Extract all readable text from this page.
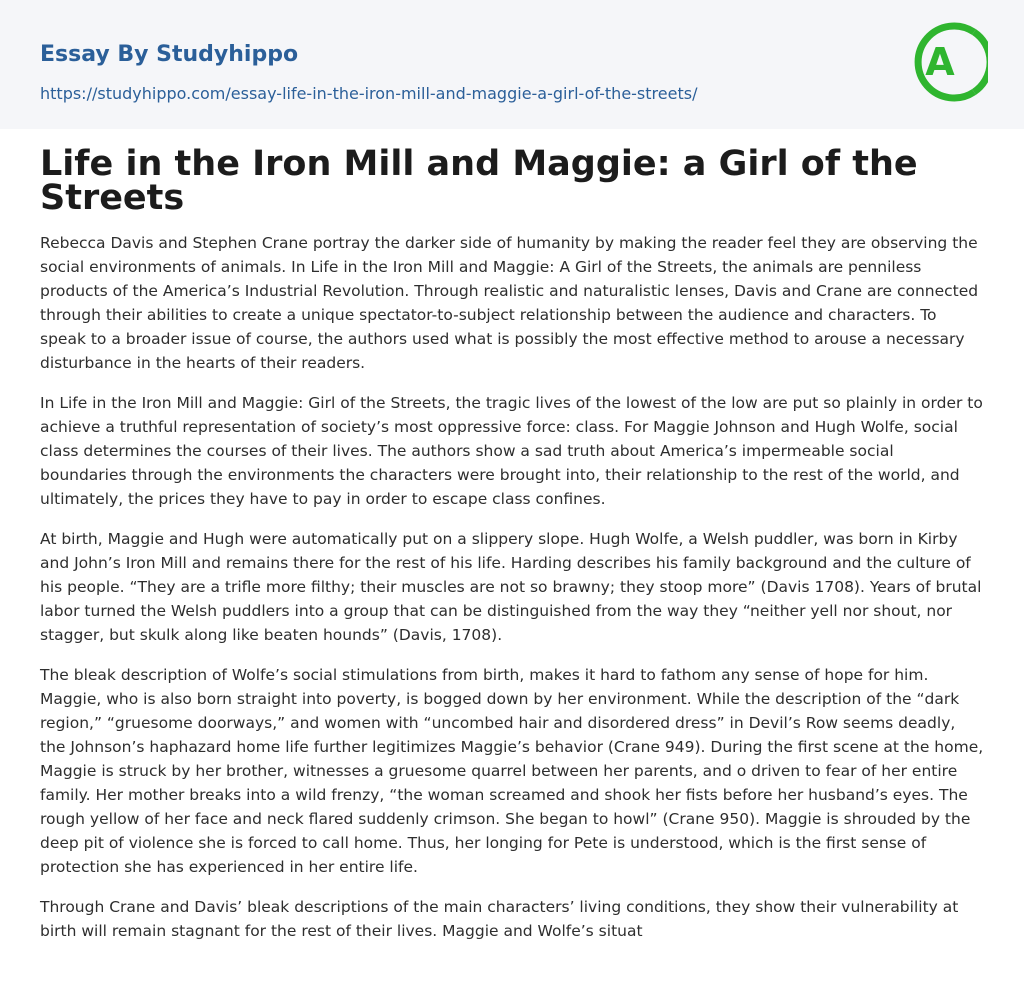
Essay By Studyhippo
https://studyhippo.com/essay-life-in-the-iron-mill-and-maggie-a-girl-of-the-streets/
A
Life in the Iron Mill and Maggie: a Girl of the Streets

Rebecca Davis and Stephen Crane portray the darker side of humanity by making the reader feel they are observing the social environments of animals. In Life in the Iron Mill and Maggie: A Girl of the Streets, the animals are penniless products of the America’s Industrial Revolution. Through realistic and naturalistic lenses, Davis and Crane are connected through their abilities to create a unique spectator-to-subject relationship between the audience and characters. To speak to a broader issue of course, the authors used what is possibly the most effective method to arouse a necessary disturbance in the hearts of their readers.

In Life in the Iron Mill and Maggie: Girl of the Streets, the tragic lives of the lowest of the low are put so plainly in order to achieve a truthful representation of society’s most oppressive force: class. For Maggie Johnson and Hugh Wolfe, social class determines the courses of their lives. The authors show a sad truth about America’s impermeable social boundaries through the environments the characters were brought into, their relationship to the rest of the world, and ultimately, the prices they have to pay in order to escape class confines.

At birth, Maggie and Hugh were automatically put on a slippery slope. Hugh Wolfe, a Welsh puddler, was born in Kirby and John’s Iron Mill and remains there for the rest of his life. Harding describes his family background and the culture of his people. “They are a trifle more filthy; their muscles are not so brawny; they stoop more” (Davis 1708). Years of brutal labor turned the Welsh puddlers into a group that can be distinguished from the way they “neither yell nor shout, nor stagger, but skulk along like beaten hounds” (Davis, 1708).

The bleak description of Wolfe’s social stimulations from birth, makes it hard to fathom any sense of hope for him. Maggie, who is also born straight into poverty, is bogged down by her environment. While the description of the “dark region,” “gruesome doorways,” and women with “uncombed hair and disordered dress” in Devil’s Row seems deadly, the Johnson’s haphazard home life further legitimizes Maggie’s behavior (Crane 949). During the first scene at the home, Maggie is struck by her brother, witnesses a gruesome quarrel between her parents, and o driven to fear of her entire family. Her mother breaks into a wild frenzy, “the woman screamed and shook her fists before her husband’s eyes. The rough yellow of her face and neck flared suddenly crimson. She began to howl” (Crane 950). Maggie is shrouded by the deep pit of violence she is forced to call home. Thus, her longing for Pete is understood, which is the first sense of protection she has experienced in her entire life.

Through Crane and Davis’ bleak descriptions of the main characters’ living conditions, they show their vulnerability at birth will remain stagnant for the rest of their lives. Maggie and Wolfe’s situat
